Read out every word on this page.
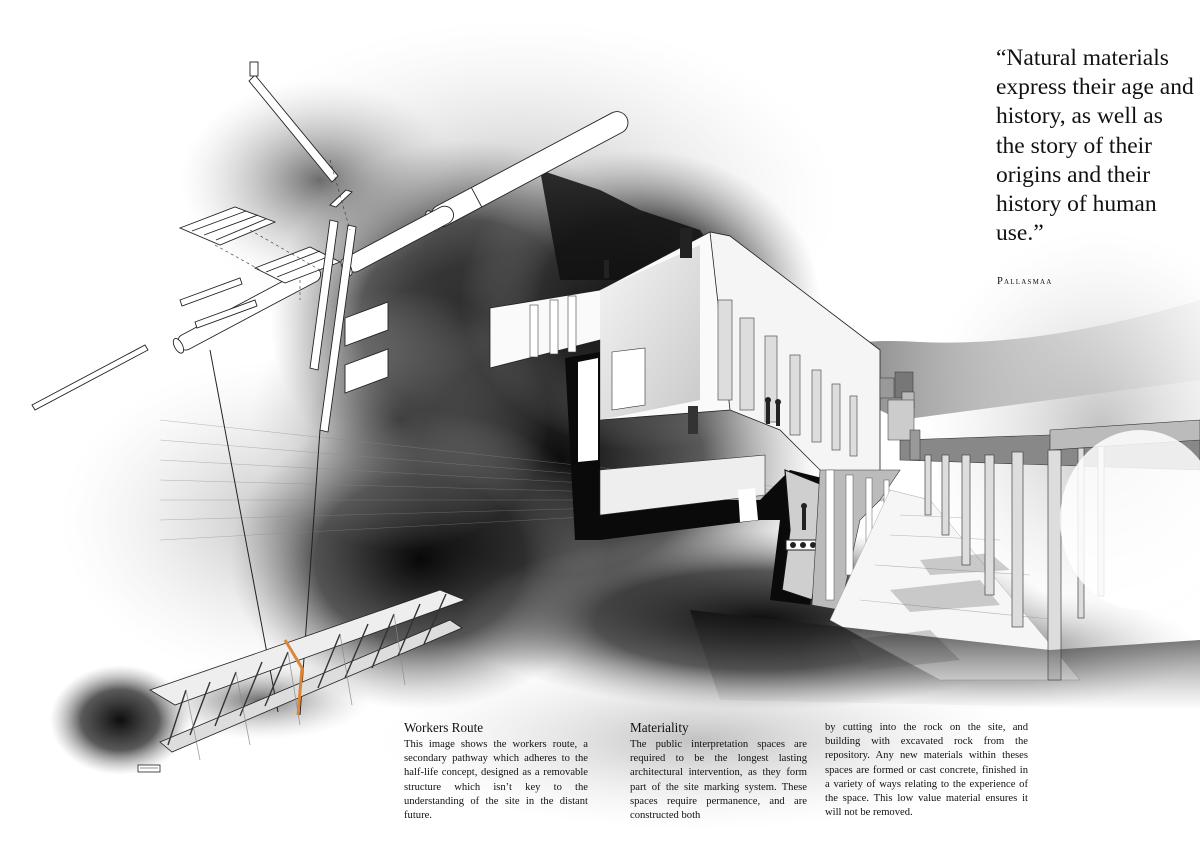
“Natural materials express their age and history, as well as the story of their origins and their history of human use.”
Pallasmaa
Workers Route

This image shows the workers route, a secondary pathway which adheres to the half-life concept, designed as a removable structure which isn’t key to the understanding of the site in the distant future.

Materiality

The public interpretation spaces are required to be the longest lasting architectural intervention, as they form part of the site marking system. These spaces require permanence, and are constructed both

by cutting into the rock on the site, and building with excavated rock from the repository. Any new materials within theses spaces are formed or cast concrete, finished in a variety of ways relating to the experience of the space. This low value material ensures it will not be removed.
